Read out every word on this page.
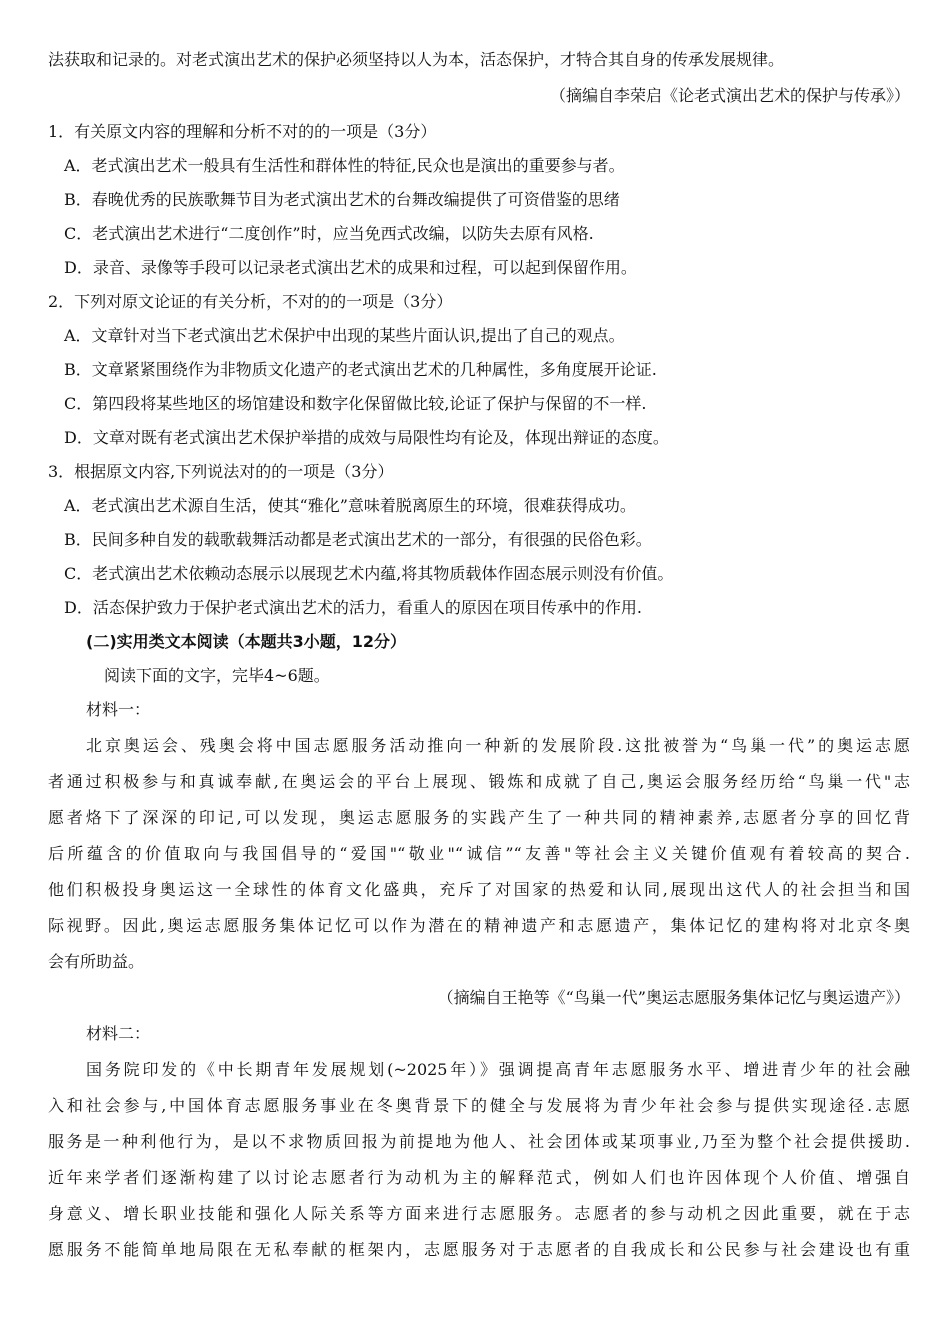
法获取和记录的。对老式演出艺术的保护必须坚持以人为本，活态保护，才特合其自身的传承发展规律。
（摘编自李荣启《论老式演出艺术的保护与传承》）
1．有关原文内容的理解和分析不对的的一项是（3分）
A．老式演出艺术一般具有生活性和群体性的特征,民众也是演出的重要参与者。
B．春晚优秀的民族歌舞节目为老式演出艺术的台舞改编提供了可资借鉴的思绪
C．老式演出艺术进行“二度创作”时，应当免西式改编，以防失去原有风格.
D．录音、录像等手段可以记录老式演出艺术的成果和过程，可以起到保留作用。
2．下列对原文论证的有关分析，不对的的一项是（3分）
A．文章针对当下老式演出艺术保护中出现的某些片面认识,提出了自己的观点。
B．文章紧紧围绕作为非物质文化遗产的老式演出艺术的几种属性，多角度展开论证.
C．第四段将某些地区的场馆建设和数字化保留做比较,论证了保护与保留的不一样.
D．文章对既有老式演出艺术保护举措的成效与局限性均有论及，体现出辩证的态度。
3．根据原文内容,下列说法对的的一项是（3分）
A．老式演出艺术源自生活，使其“雅化”意味着脱离原生的环境，很难获得成功。
B．民间多种自发的载歌载舞活动都是老式演出艺术的一部分，有很强的民俗色彩。
C．老式演出艺术依赖动态展示以展现艺术内蕴,将其物质载体作固态展示则没有价值。
D．活态保护致力于保护老式演出艺术的活力，看重人的原因在项目传承中的作用.
(二)实用类文本阅读（本题共3小题，12分）
阅读下面的文字，完毕4~6题。
材料一：
北京奥运会、残奥会将中国志愿服务活动推向一种新的发展阶段.这批被誉为“鸟巢一代”的奥运志愿
者通过积极参与和真诚奉献,在奥运会的平台上展现、锻炼和成就了自己,奥运会服务经历给“鸟巢一代"志
愿者烙下了深深的印记,可以发现，奥运志愿服务的实践产生了一种共同的精神素养,志愿者分享的回忆背
后所蕴含的价值取向与我国倡导的“爱国"“敬业"“诚信”“友善"等社会主义关键价值观有着较高的契合.
他们积极投身奥运这一全球性的体育文化盛典，充斥了对国家的热爱和认同,展现出这代人的社会担当和国
际视野。因此,奥运志愿服务集体记忆可以作为潜在的精神遗产和志愿遗产，集体记忆的建构将对北京冬奥
会有所助益。
（摘编自王艳等《“鸟巢一代”奥运志愿服务集体记忆与奥运遗产》）
材料二：
国务院印发的《中长期青年发展规划(~2025年）》强调提高青年志愿服务水平、增进青少年的社会融
入和社会参与,中国体育志愿服务事业在冬奥背景下的健全与发展将为青少年社会参与提供实现途径.志愿
服务是一种利他行为，是以不求物质回报为前提地为他人、社会团体或某项事业,乃至为整个社会提供援助.
近年来学者们逐渐构建了以讨论志愿者行为动机为主的解释范式，例如人们也许因体现个人价值、增强自
身意义、增长职业技能和强化人际关系等方面来进行志愿服务。志愿者的参与动机之因此重要，就在于志
愿服务不能简单地局限在无私奉献的框架内，志愿服务对于志愿者的自我成长和公民参与社会建设也有重
